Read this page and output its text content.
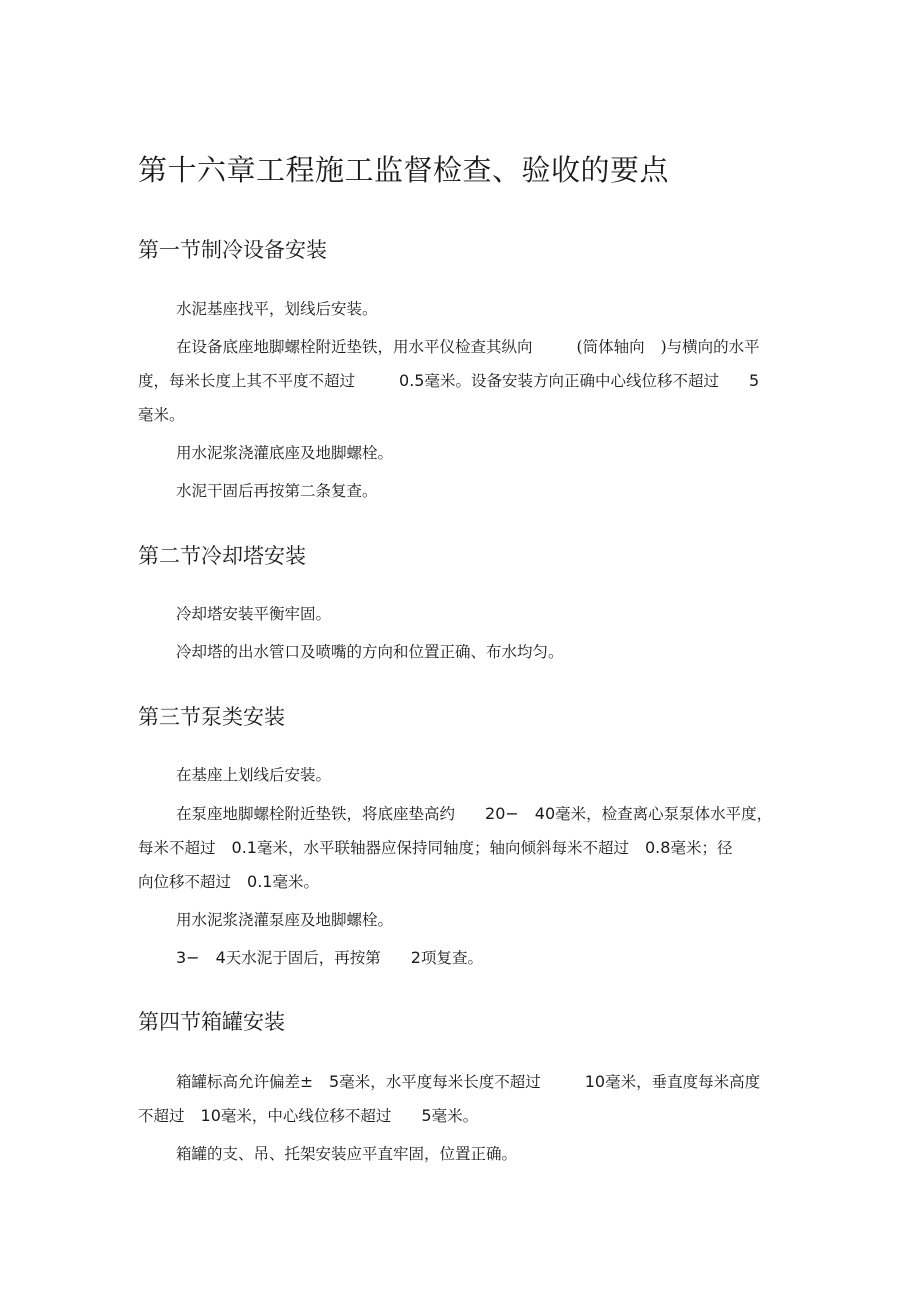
第十六章工程施工监督检查、验收的要点
第一节制冷设备安装

水泥基座找平，划线后安装。

在设备底座地脚螺栓附近垫铁，用水平仪检查其纵向	(筒体轴向 )与横向的水平
度，每米长度上其不平度不超过	0.5毫米。设备安装方向正确中心线位移不超过 5
毫米。

用水泥浆浇灌底座及地脚螺栓。

水泥干固后再按第二条复查。

第二节冷却塔安装

冷却塔安装平衡牢固。

冷却塔的出水管口及喷嘴的方向和位置正确、布水均匀。

第三节泵类安装

在基座上划线后安装。

在泵座地脚螺栓附近垫铁，将底座垫高约 20− 40毫米，检查离心泵泵体水平度，
每米不超过 0.1毫米，水平联轴器应保持同轴度；轴向倾斜每米不超过 0.8毫米；径
向位移不超过 0.1毫米。

用水泥浆浇灌泵座及地脚螺栓。

3− 4天水泥于固后，再按第 2项复查。

第四节箱罐安装

箱罐标高允许偏差± 5毫米，水平度每米长度不超过	10毫米，垂直度每米高度
不超过 10毫米，中心线位移不超过 5毫米。

箱罐的支、吊、托架安装应平直牢固，位置正确。
